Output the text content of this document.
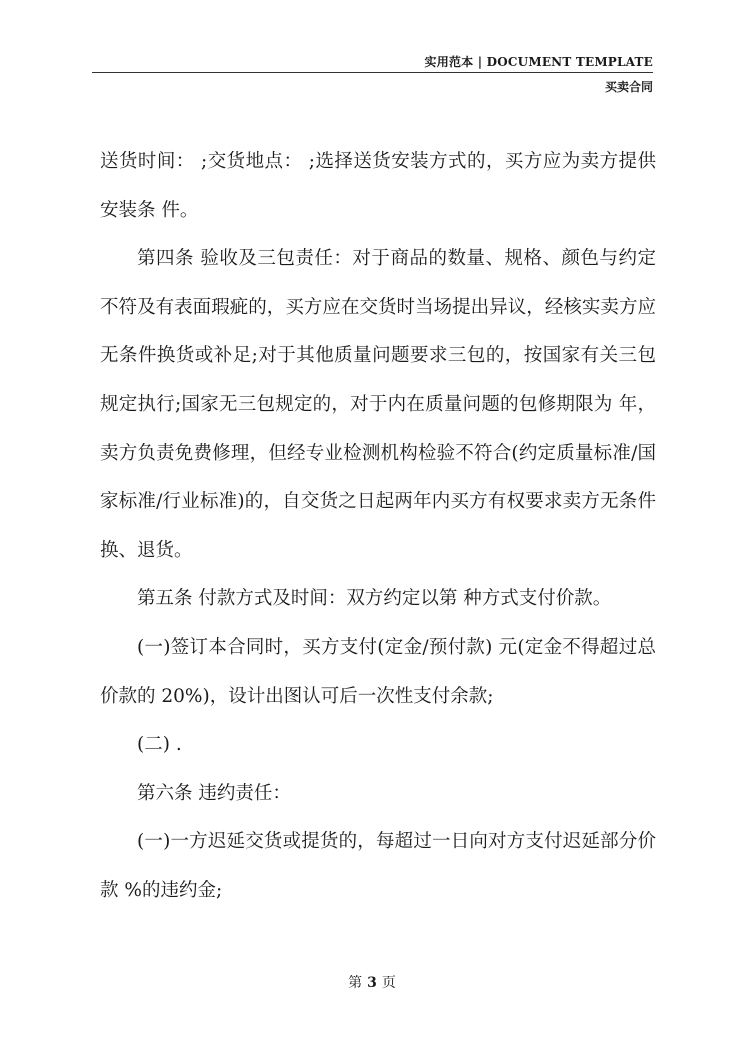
实用范本 | DOCUMENT TEMPLATE
买卖合同

送货时间： ;交货地点： ;选择送货安装方式的，买方应为卖方提供安装条 件。

第四条 验收及三包责任：对于商品的数量、规格、颜色与约定不符及有表面瑕疵的，买方应在交货时当场提出异议，经核实卖方应无条件换货或补足;对于其他质量问题要求三包的，按国家有关三包规定执行;国家无三包规定的，对于内在质量问题的包修期限为 年，卖方负责免费修理，但经专业检测机构检验不符合(约定质量标准/国家标准/行业标准)的，自交货之日起两年内买方有权要求卖方无条件换、退货。

第五条 付款方式及时间：双方约定以第 种方式支付价款。

(一)签订本合同时，买方支付(定金/预付款) 元(定金不得超过总价款的 20%)，设计出图认可后一次性支付余款;

(二) .

第六条 违约责任：

(一)一方迟延交货或提货的，每超过一日向对方支付迟延部分价款 %的违约金;

第 3 页
